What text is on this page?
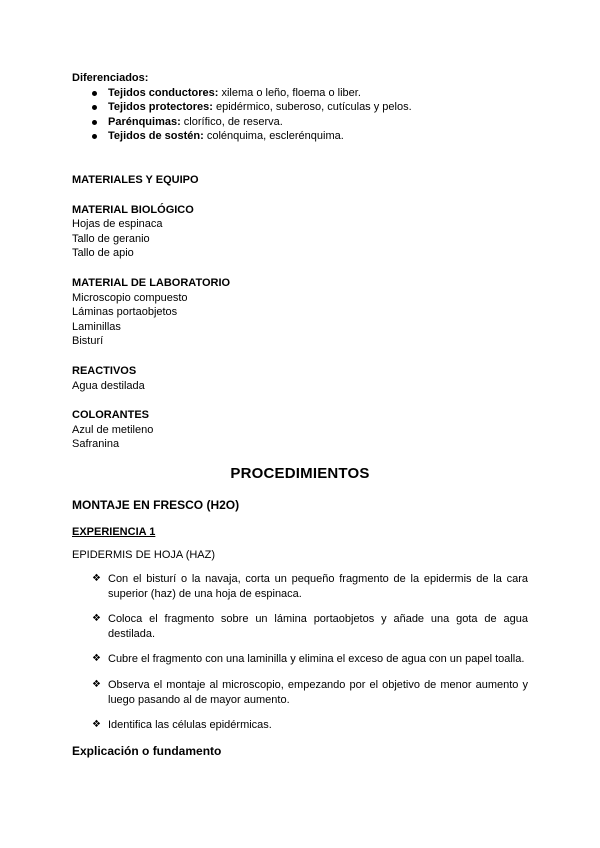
Diferenciados:
Tejidos conductores: xilema o leño, floema o liber.
Tejidos protectores: epidérmico, suberoso, cutículas y pelos.
Parénquimas: clorífico, de reserva.
Tejidos de sostén: colénquima, esclerénquima.
MATERIALES Y EQUIPO
MATERIAL BIOLÓGICO
Hojas de espinaca
Tallo de geranio
Tallo de apio
MATERIAL DE LABORATORIO
Microscopio compuesto
Láminas portaobjetos
Laminillas
Bisturí
REACTIVOS
Agua destilada
COLORANTES
Azul de metileno
Safranina
PROCEDIMIENTOS
MONTAJE EN FRESCO (H2O)
EXPERIENCIA 1
EPIDERMIS DE HOJA (HAZ)
❖ Con el bisturí o la navaja, corta un pequeño fragmento de la epidermis de la cara superior (haz) de una hoja de espinaca.
❖ Coloca el fragmento sobre un lámina portaobjetos y añade una gota de agua destilada.
❖ Cubre el fragmento con una laminilla y elimina el exceso de agua con un papel toalla.
❖ Observa el montaje al microscopio, empezando por el objetivo de menor aumento y luego pasando al de mayor aumento.
❖ Identifica las células epidérmicas.
Explicación o fundamento
